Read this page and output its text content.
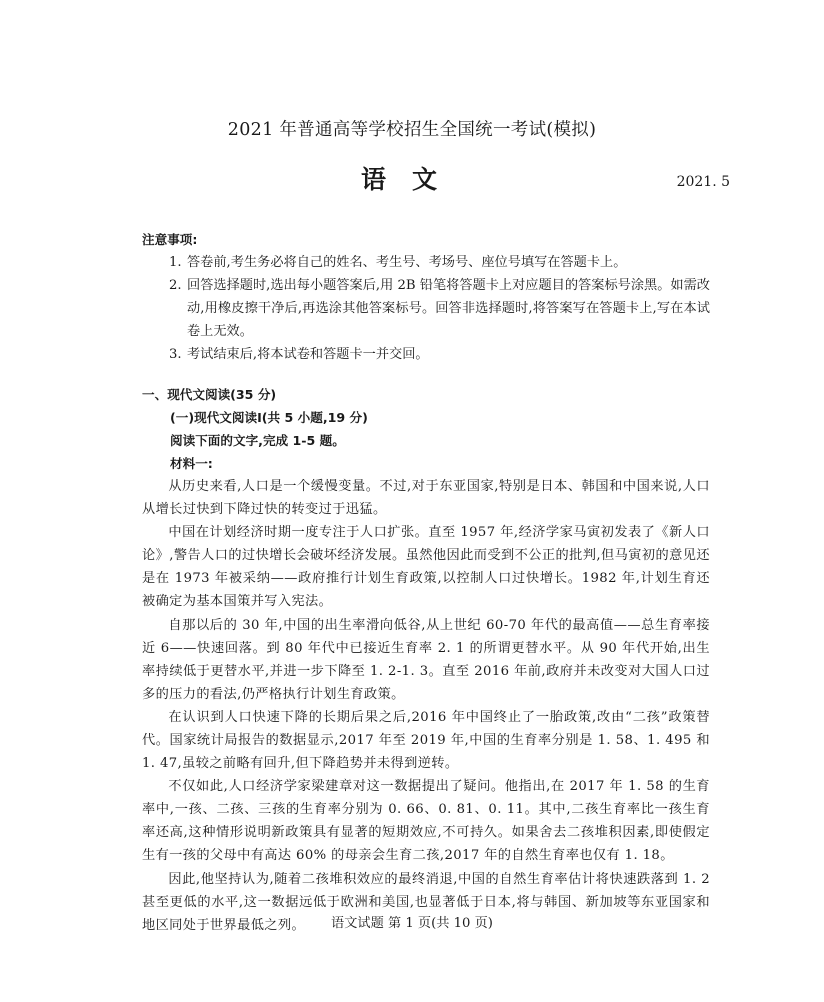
2021 年普通高等学校招生全国统一考试(模拟)
语文	2021. 5

注意事项:

1. 答卷前,考生务必将自己的姓名、考生号、考场号、座位号填写在答题卡上。
2. 回答选择题时,选出每小题答案后,用 2B 铅笔将答题卡上对应题目的答案标号涂黑。如需改动,用橡皮擦干净后,再选涂其他答案标号。回答非选择题时,将答案写在答题卡上,写在本试卷上无效。
3. 考试结束后,将本试卷和答题卡一并交回。

一、现代文阅读(35 分)

(一)现代文阅读Ⅰ(共 5 小题,19 分)

阅读下面的文字,完成 1-5 题。

材料一:

从历史来看,人口是一个缓慢变量。不过,对于东亚国家,特别是日本、韩国和中国来说,人口从增长过快到下降过快的转变过于迅猛。

中国在计划经济时期一度专注于人口扩张。直至 1957 年,经济学家马寅初发表了《新人口论》,警告人口的过快增长会破坏经济发展。虽然他因此而受到不公正的批判,但马寅初的意见还是在 1973 年被采纳——政府推行计划生育政策,以控制人口过快增长。1982 年,计划生育还被确定为基本国策并写入宪法。

自那以后的 30 年,中国的出生率滑向低谷,从上世纪 60-70 年代的最高值——总生育率接近 6——快速回落。到 80 年代中已接近生育率 2. 1 的所谓更替水平。从 90 年代开始,出生率持续低于更替水平,并进一步下降至 1. 2-1. 3。直至 2016 年前,政府并未改变对大国人口过多的压力的看法,仍严格执行计划生育政策。

在认识到人口快速下降的长期后果之后,2016 年中国终止了一胎政策,改由“二孩”政策替代。国家统计局报告的数据显示,2017 年至 2019 年,中国的生育率分别是 1. 58、1. 495 和 1. 47,虽较之前略有回升,但下降趋势并未得到逆转。

不仅如此,人口经济学家梁建章对这一数据提出了疑问。他指出,在 2017 年 1. 58 的生育率中,一孩、二孩、三孩的生育率分别为 0. 66、0. 81、0. 11。其中,二孩生育率比一孩生育率还高,这种情形说明新政策具有显著的短期效应,不可持久。如果舍去二孩堆积因素,即使假定生有一孩的父母中有高达 60% 的母亲会生育二孩,2017 年的自然生育率也仅有 1. 18。

因此,他坚持认为,随着二孩堆积效应的最终消退,中国的自然生育率估计将快速跌落到 1. 2 甚至更低的水平,这一数据远低于欧洲和美国,也显著低于日本,将与韩国、新加坡等东亚国家和地区同处于世界最低之列。	语文试题 第 1 页(共 10 页)
